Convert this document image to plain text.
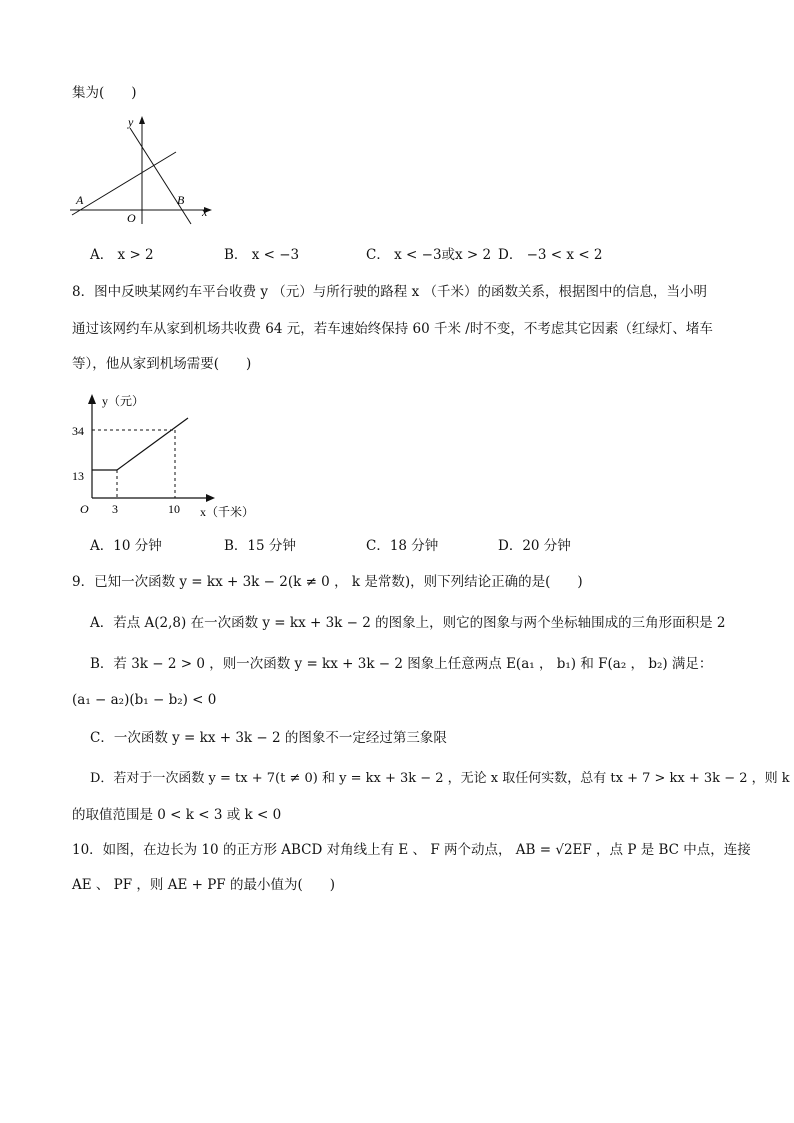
集为(　　)
y
x
O
A	B
A． x > 2	B． x < −3	C． x < −3或x > 2 D． −3 < x < 2
8．图中反映某网约车平台收费 y （元）与所行驶的路程 x （千米）的函数关系，根据图中的信息，当小明
通过该网约车从家到机场共收费 64 元，若车速始终保持 60 千米 /时不变，不考虑其它因素（红绿灯、堵车
等），他从家到机场需要(　　)
y（元）
34
13
O 3	10 x（千米）
A．10 分钟	B．15 分钟	C．18 分钟	D．20 分钟
9．已知一次函数 y = kx + 3k − 2(k ≠ 0 ， k 是常数)，则下列结论正确的是(　　)
A．若点 A(2,8) 在一次函数 y = kx + 3k − 2 的图象上，则它的图象与两个坐标轴围成的三角形面积是 2
B．若 3k − 2 > 0 ，则一次函数 y = kx + 3k − 2 图象上任意两点 E(a₁ ， b₁) 和 F(a₂ ， b₂) 满足：
(a₁ − a₂)(b₁ − b₂) < 0
C．一次函数 y = kx + 3k − 2 的图象不一定经过第三象限
D．若对于一次函数 y = tx + 7(t ≠ 0) 和 y = kx + 3k − 2 ，无论 x 取任何实数，总有 tx + 7 > kx + 3k − 2 ，则 k
的取值范围是 0 < k < 3 或 k < 0
10．如图，在边长为 10 的正方形 ABCD 对角线上有 E 、 F 两个动点， AB = √2EF ，点 P 是 BC 中点，连接
AE 、 PF ，则 AE + PF 的最小值为(　　)
